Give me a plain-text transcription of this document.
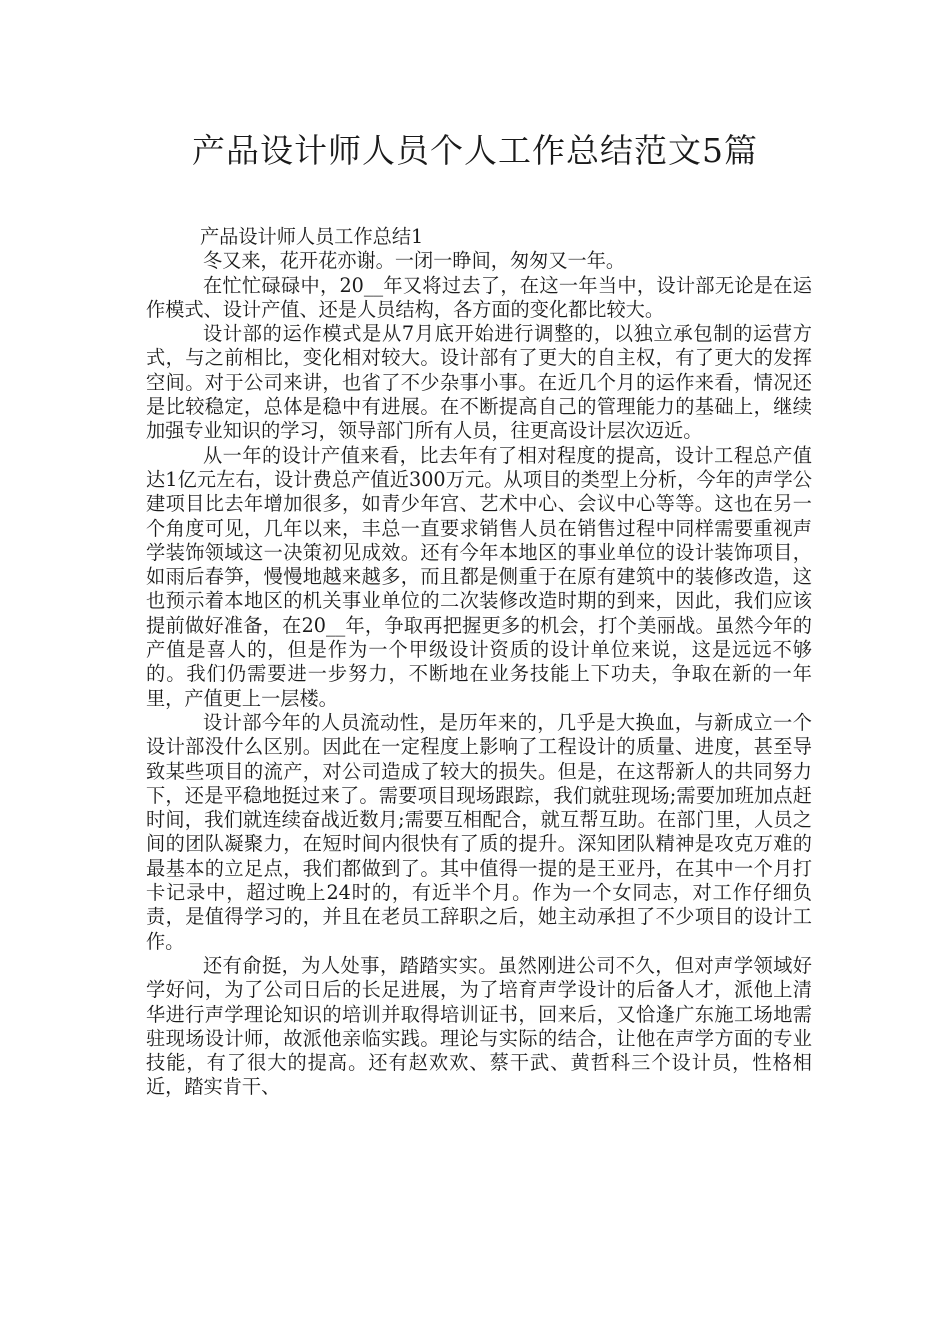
产品设计师人员个人工作总结范文5篇

产品设计师人员工作总结1

冬又来，花开花亦谢。一闭一睁间，匆匆又一年。

在忙忙碌碌中，20__年又将过去了，在这一年当中，设计部无论是在运作模式、设计产值、还是人员结构，各方面的变化都比较大。

设计部的运作模式是从7月底开始进行调整的，以独立承包制的运营方式，与之前相比，变化相对较大。设计部有了更大的自主权，有了更大的发挥空间。对于公司来讲，也省了不少杂事小事。在近几个月的运作来看，情况还是比较稳定，总体是稳中有进展。在不断提高自己的管理能力的基础上，继续加强专业知识的学习，领导部门所有人员，往更高设计层次迈近。

从一年的设计产值来看，比去年有了相对程度的提高，设计工程总产值达1亿元左右，设计费总产值近300万元。从项目的类型上分析，今年的声学公建项目比去年增加很多，如青少年宫、艺术中心、会议中心等等。这也在另一个角度可见，几年以来，丰总一直要求销售人员在销售过程中同样需要重视声学装饰领域这一决策初见成效。还有今年本地区的事业单位的设计装饰项目，如雨后春笋，慢慢地越来越多，而且都是侧重于在原有建筑中的装修改造，这也预示着本地区的机关事业单位的二次装修改造时期的到来，因此，我们应该提前做好准备，在20__年，争取再把握更多的机会，打个美丽战。虽然今年的产值是喜人的，但是作为一个甲级设计资质的设计单位来说，这是远远不够的。我们仍需要进一步努力，不断地在业务技能上下功夫，争取在新的一年里，产值更上一层楼。

设计部今年的人员流动性，是历年来的，几乎是大换血，与新成立一个设计部没什么区别。因此在一定程度上影响了工程设计的质量、进度，甚至导致某些项目的流产，对公司造成了较大的损失。但是，在这帮新人的共同努力下，还是平稳地挺过来了。需要项目现场跟踪，我们就驻现场;需要加班加点赶时间，我们就连续奋战近数月;需要互相配合，就互帮互助。在部门里，人员之间的团队凝聚力，在短时间内很快有了质的提升。深知团队精神是攻克万难的最基本的立足点，我们都做到了。其中值得一提的是王亚丹，在其中一个月打卡记录中，超过晚上24时的，有近半个月。作为一个女同志，对工作仔细负责，是值得学习的，并且在老员工辞职之后，她主动承担了不少项目的设计工作。

还有俞挺，为人处事，踏踏实实。虽然刚进公司不久，但对声学领域好学好问，为了公司日后的长足进展，为了培育声学设计的后备人才，派他上清华进行声学理论知识的培训并取得培训证书，回来后，又恰逢广东施工场地需驻现场设计师，故派他亲临实践。理论与实际的结合，让他在声学方面的专业技能，有了很大的提高。还有赵欢欢、蔡干武、黄哲科三个设计员，性格相近，踏实肯干、
